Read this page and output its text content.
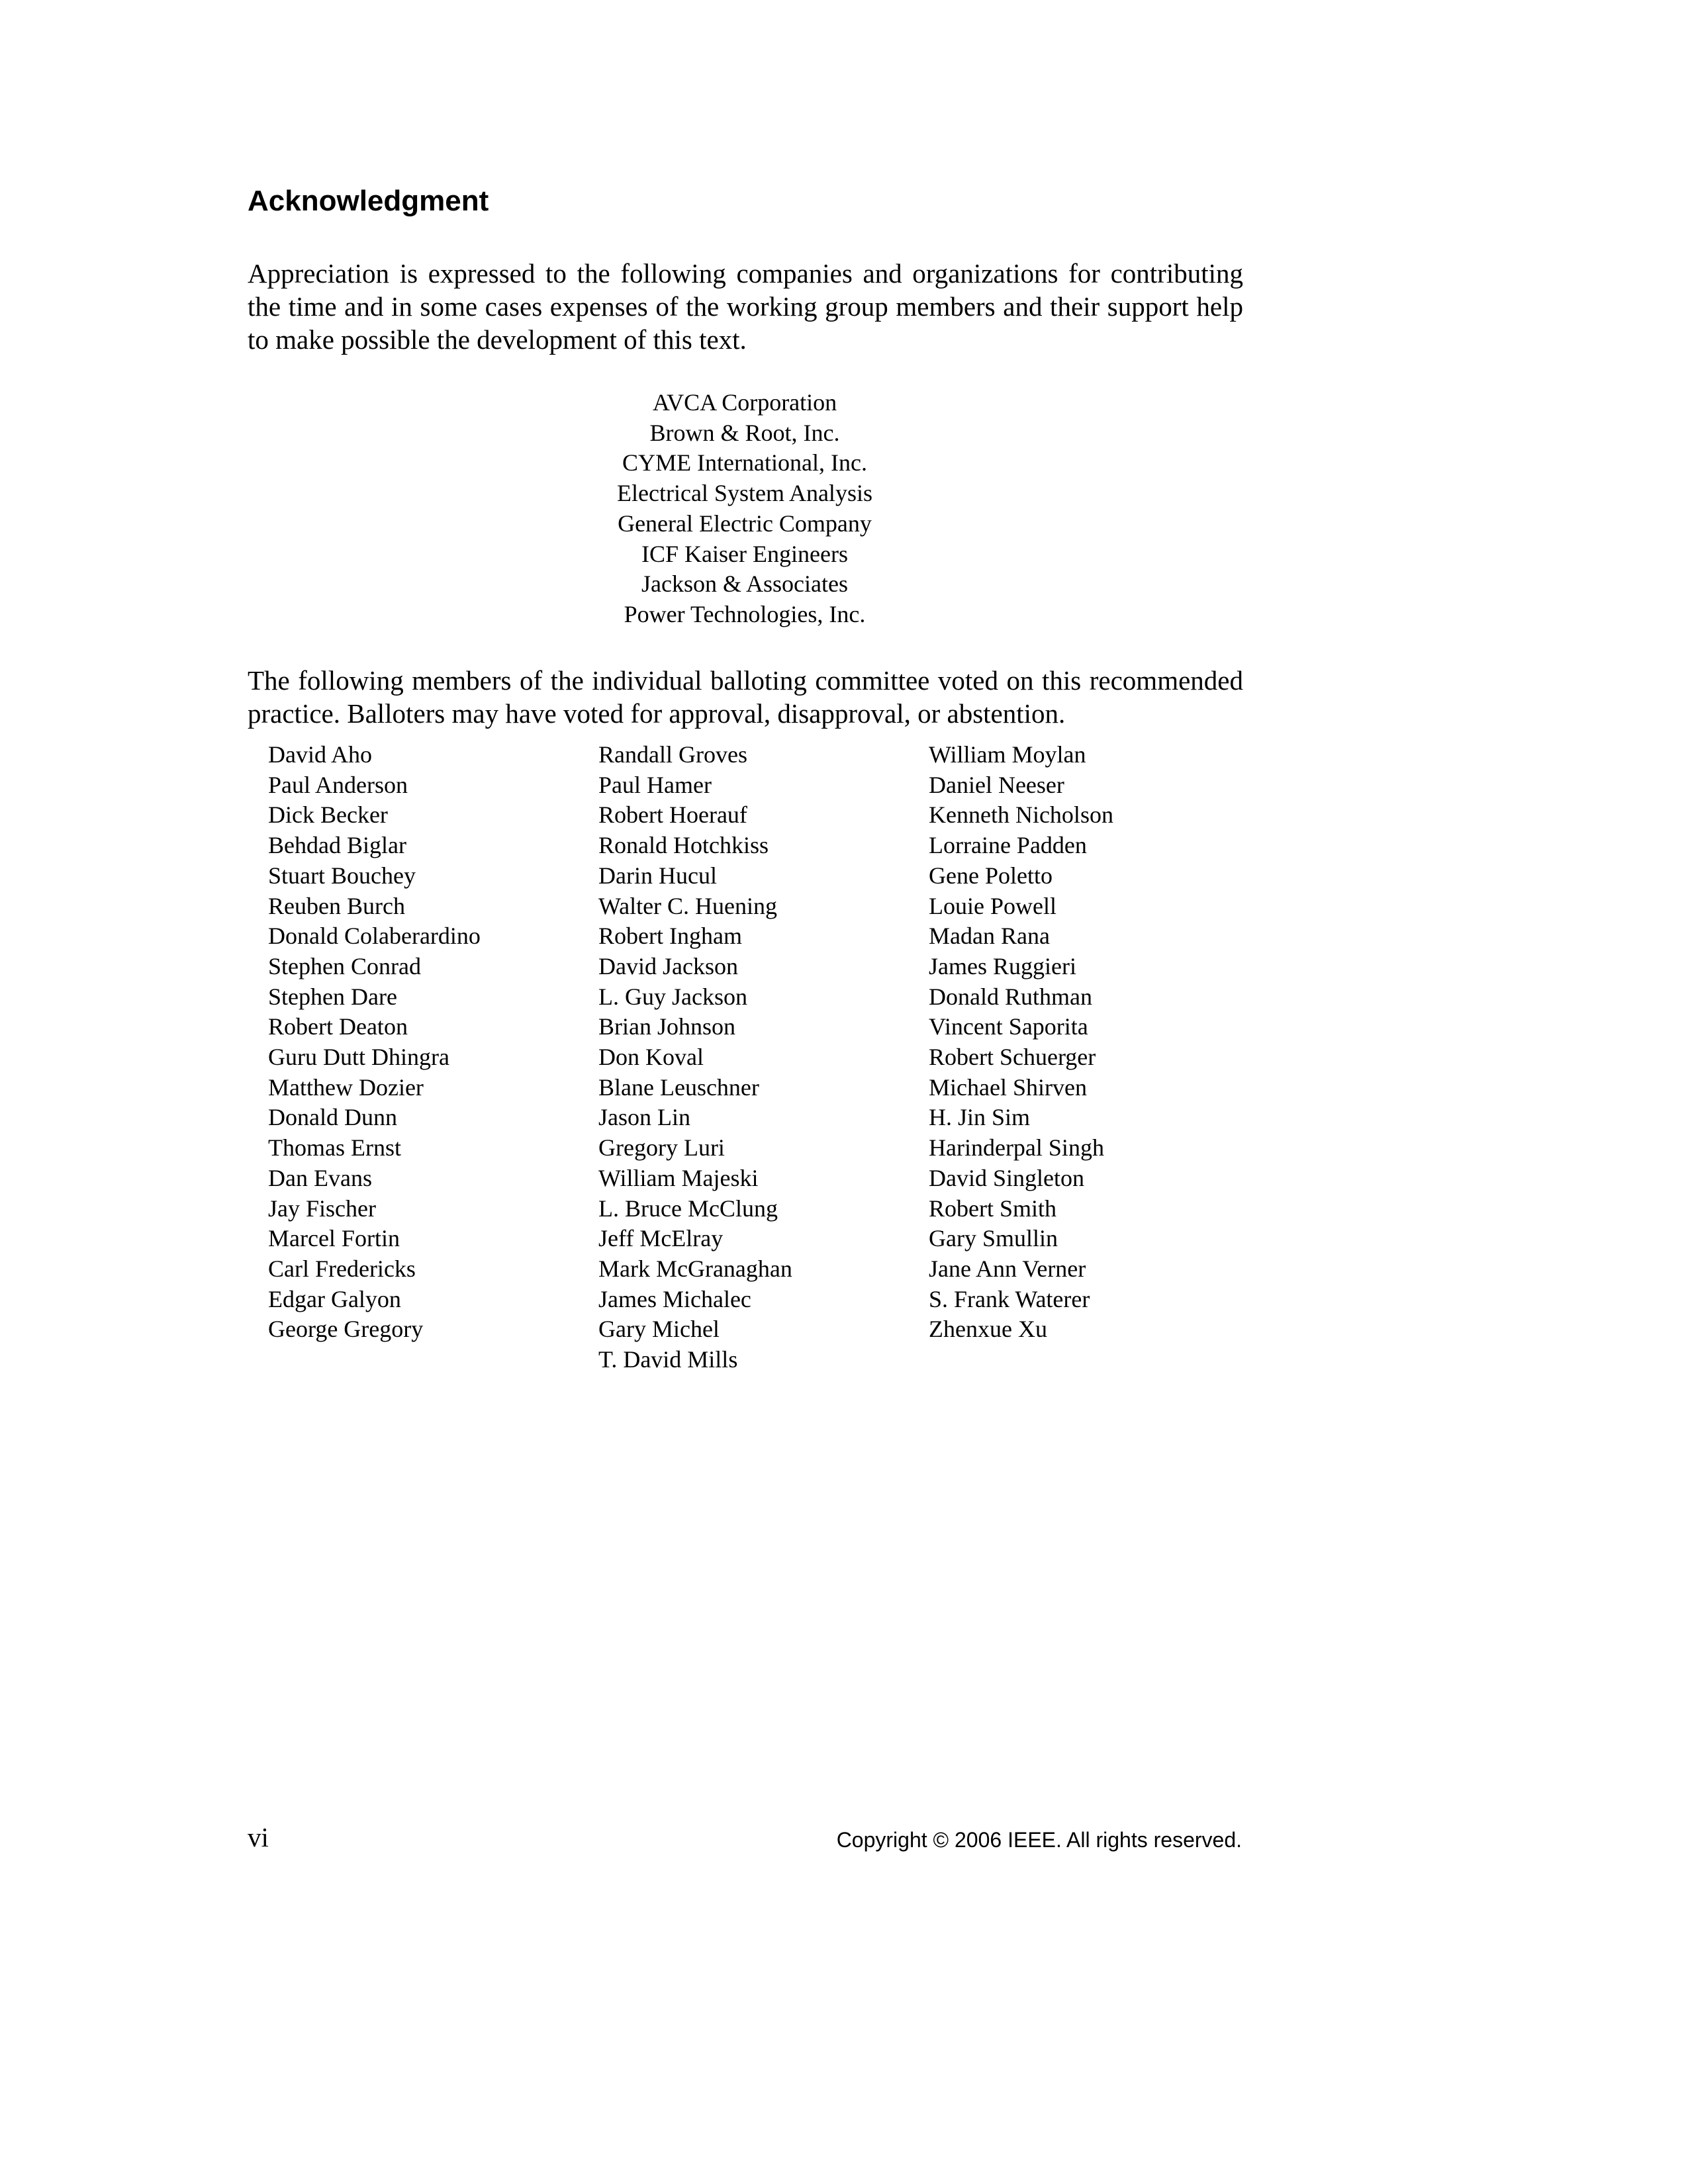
Acknowledgment

Appreciation is expressed to the following companies and organizations for contributing the time and in some cases expenses of the working group members and their support help to make possible the development of this text.

AVCA Corporation
Brown & Root, Inc.
CYME International, Inc.
Electrical System Analysis
General Electric Company
ICF Kaiser Engineers
Jackson & Associates
Power Technologies, Inc.

The following members of the individual balloting committee voted on this recommended practice. Balloters may have voted for approval, disapproval, or abstention.

David Aho
Paul Anderson
Dick Becker
Behdad Biglar
Stuart Bouchey
Reuben Burch
Donald Colaberardino
Stephen Conrad
Stephen Dare
Robert Deaton
Guru Dutt Dhingra
Matthew Dozier
Donald Dunn
Thomas Ernst
Dan Evans
Jay Fischer
Marcel Fortin
Carl Fredericks
Edgar Galyon
George Gregory
Randall Groves
Paul Hamer
Robert Hoerauf
Ronald Hotchkiss
Darin Hucul
Walter C. Huening
Robert Ingham
David Jackson
L. Guy Jackson
Brian Johnson
Don Koval
Blane Leuschner
Jason Lin
Gregory Luri
William Majeski
L. Bruce McClung
Jeff McElray
Mark McGranaghan
James Michalec
Gary Michel
T. David Mills
William Moylan
Daniel Neeser
Kenneth Nicholson
Lorraine Padden
Gene Poletto
Louie Powell
Madan Rana
James Ruggieri
Donald Ruthman
Vincent Saporita
Robert Schuerger
Michael Shirven
H. Jin Sim
Harinderpal Singh
David Singleton
Robert Smith
Gary Smullin
Jane Ann Verner
S. Frank Waterer
Zhenxue Xu
vi	Copyright © 2006 IEEE. All rights reserved.
